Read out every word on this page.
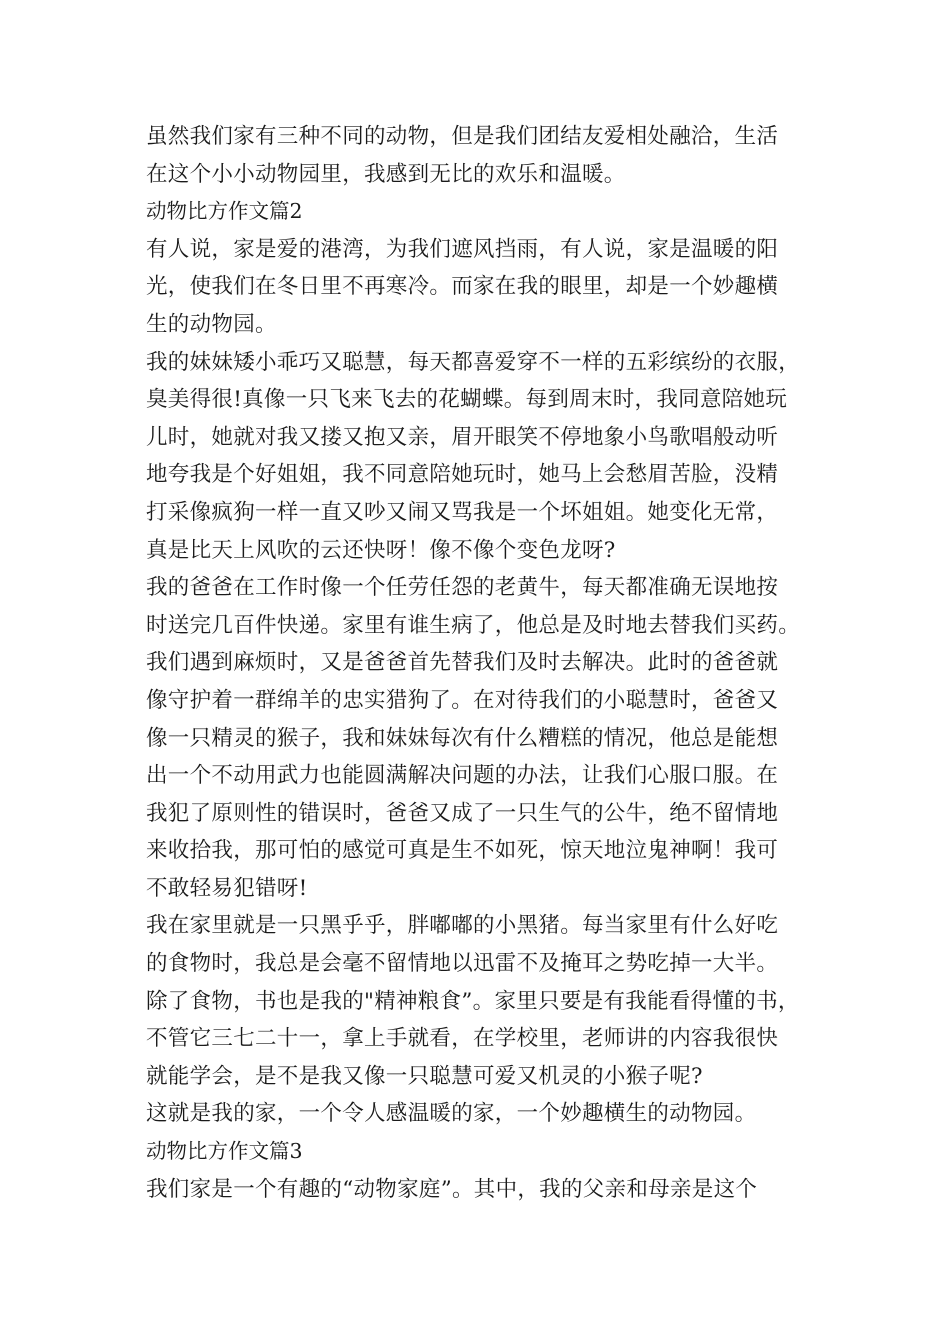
虽然我们家有三种不同的动物，但是我们团结友爱相处融洽，生活
在这个小小动物园里，我感到无比的欢乐和温暖。
动物比方作文篇2
有人说，家是爱的港湾，为我们遮风挡雨，有人说，家是温暖的阳
光，使我们在冬日里不再寒冷。而家在我的眼里，却是一个妙趣横
生的动物园。
我的妹妹矮小乖巧又聪慧，每天都喜爱穿不一样的五彩缤纷的衣服，
臭美得很!真像一只飞来飞去的花蝴蝶。每到周末时，我同意陪她玩
儿时，她就对我又搂又抱又亲，眉开眼笑不停地象小鸟歌唱般动听
地夸我是个好姐姐，我不同意陪她玩时，她马上会愁眉苦脸，没精
打采像疯狗一样一直又吵又闹又骂我是一个坏姐姐。她变化无常，
真是比天上风吹的云还快呀！像不像个变色龙呀?
我的爸爸在工作时像一个任劳任怨的老黄牛，每天都准确无误地按
时送完几百件快递。家里有谁生病了，他总是及时地去替我们买药。
我们遇到麻烦时，又是爸爸首先替我们及时去解决。此时的爸爸就
像守护着一群绵羊的忠实猎狗了。在对待我们的小聪慧时，爸爸又
像一只精灵的猴子，我和妹妹每次有什么糟糕的情况，他总是能想
出一个不动用武力也能圆满解决问题的办法，让我们心服口服。在
我犯了原则性的错误时，爸爸又成了一只生气的公牛，绝不留情地
来收拾我，那可怕的感觉可真是生不如死，惊天地泣鬼神啊！我可
不敢轻易犯错呀!
我在家里就是一只黑乎乎，胖嘟嘟的小黑猪。每当家里有什么好吃
的食物时，我总是会毫不留情地以迅雷不及掩耳之势吃掉一大半。
除了食物，书也是我的"精神粮食”。家里只要是有我能看得懂的书，
不管它三七二十一，拿上手就看，在学校里，老师讲的内容我很快
就能学会，是不是我又像一只聪慧可爱又机灵的小猴子呢?
这就是我的家，一个令人感温暖的家，一个妙趣横生的动物园。
动物比方作文篇3
我们家是一个有趣的“动物家庭”。其中，我的父亲和母亲是这个
